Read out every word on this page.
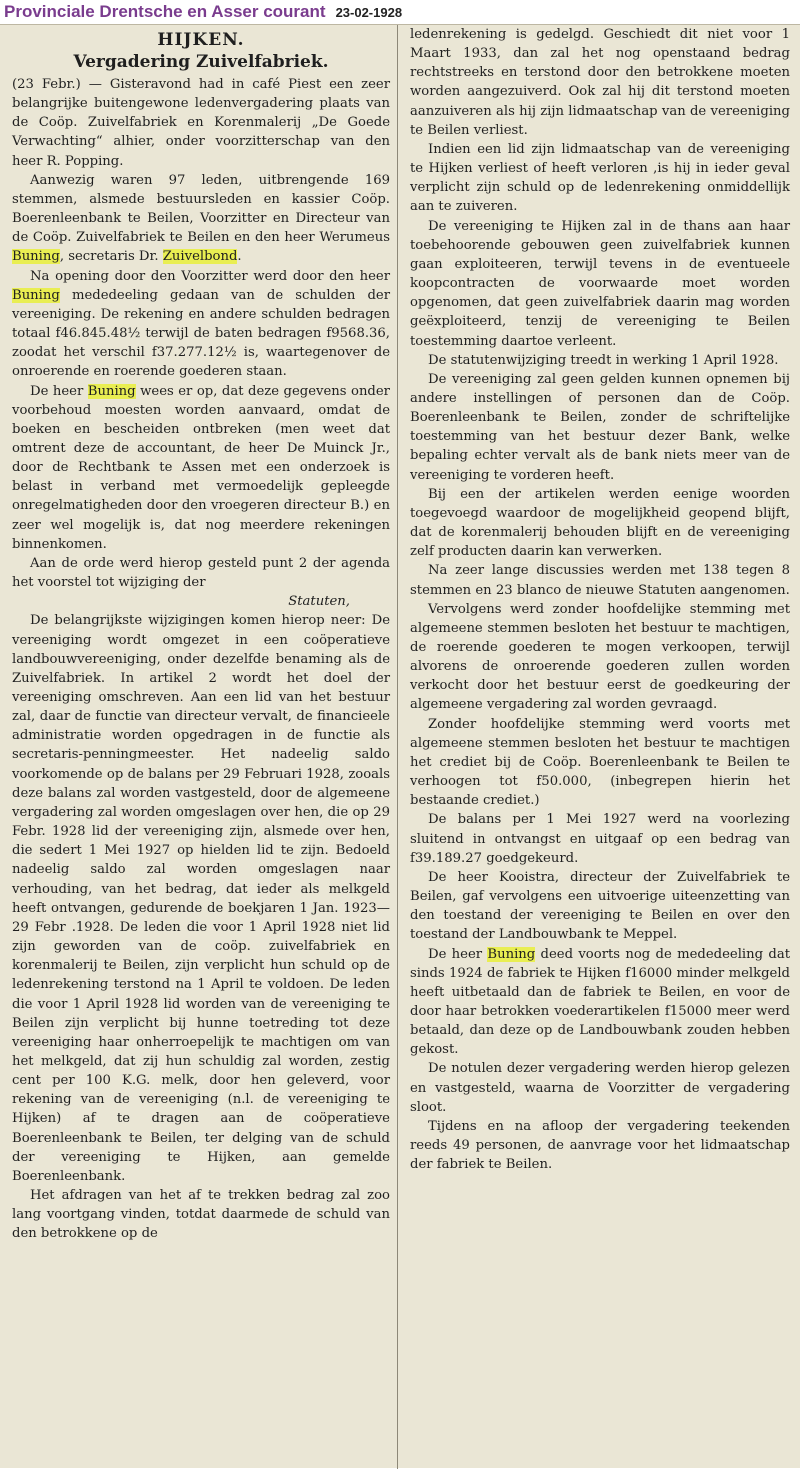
Provinciale Drentsche en Asser courant 23-02-1928
HIJKEN.
Vergadering Zuivelfabriek.

(23 Febr.) — Gisteravond had in café Piest een zeer belangrijke buitengewone ledenvergadering plaats van de Coöp. Zuivelfabriek en Korenmalerij „De Goede Verwachting“ alhier, onder voorzitterschap van den heer R. Popping.

Aanwezig waren 97 leden, uitbrengende 169 stemmen, alsmede bestuursleden en kassier Coöp. Boerenleenbank te Beilen, Voorzitter en Directeur van de Coöp. Zuivelfabriek te Beilen en den heer Werumeus Buning, secretaris Dr. Zuivelbond.

Na opening door den Voorzitter werd door den heer Buning mededeeling gedaan van de schulden der vereeniging. De rekening en andere schulden bedragen totaal f46.845.48½ terwijl de baten bedragen f9568.36, zoodat het verschil f37.277.12½ is, waartegenover de onroerende en roerende goederen staan.

De heer Buning wees er op, dat deze gegevens onder voorbehoud moesten worden aanvaard, omdat de boeken en bescheiden ontbreken (men weet dat omtrent deze de accountant, de heer De Muinck Jr., door de Rechtbank te Assen met een onderzoek is belast in verband met vermoedelijk gepleegde onregelmatigheden door den vroegeren directeur B.) en zeer wel mogelijk is, dat nog meerdere rekeningen binnenkomen.

Aan de orde werd hierop gesteld punt 2 der agenda het voorstel tot wijziging der

Statuten,

De belangrijkste wijzigingen komen hierop neer: De vereeniging wordt omgezet in een coöperatieve landbouwvereeniging, onder dezelfde benaming als de Zuivelfabriek. In artikel 2 wordt het doel der vereeniging omschreven. Aan een lid van het bestuur zal, daar de functie van directeur vervalt, de financieele administratie worden opgedragen in de functie als secretaris-penningmeester. Het nadeelig saldo voorkomende op de balans per 29 Februari 1928, zooals deze balans zal worden vastgesteld, door de algemeene vergadering zal worden omgeslagen over hen, die op 29 Febr. 1928 lid der vereeniging zijn, alsmede over hen, die sedert 1 Mei 1927 op hielden lid te zijn. Bedoeld nadeelig saldo zal worden omgeslagen naar verhouding, van het bedrag, dat ieder als melkgeld heeft ontvangen, gedurende de boekjaren 1 Jan. 1923—29 Febr .1928. De leden die voor 1 April 1928 niet lid zijn geworden van de coöp. zuivelfabriek en korenmalerij te Beilen, zijn verplicht hun schuld op de ledenrekening terstond na 1 April te voldoen. De leden die voor 1 April 1928 lid worden van de vereeniging te Beilen zijn verplicht bij hunne toetreding tot deze vereeniging haar onherroepelijk te machtigen om van het melkgeld, dat zij hun schuldig zal worden, zestig cent per 100 K.G. melk, door hen geleverd, voor rekening van de vereeniging (n.l. de vereeniging te Hijken) af te dragen aan de coöperatieve Boerenleenbank te Beilen, ter delging van de schuld der vereeniging te Hijken, aan gemelde Boerenleenbank.

Het afdragen van het af te trekken bedrag zal zoo lang voortgang vinden, totdat daarmede de schuld van den betrokkene op de

ledenrekening is gedelgd. Geschiedt dit niet voor 1 Maart 1933, dan zal het nog openstaand bedrag rechtstreeks en terstond door den betrokkene moeten worden aangezuiverd. Ook zal hij dit terstond moeten aanzuiveren als hij zijn lidmaatschap van de vereeniging te Beilen verliest.

Indien een lid zijn lidmaatschap van de vereeniging te Hijken verliest of heeft verloren ,is hij in ieder geval verplicht zijn schuld op de ledenrekening onmiddellijk aan te zuiveren.

De vereeniging te Hijken zal in de thans aan haar toebehoorende gebouwen geen zuivelfabriek kunnen gaan exploiteeren, terwijl tevens in de eventueele koopcontracten de voorwaarde moet worden opgenomen, dat geen zuivelfabriek daarin mag worden geëxploiteerd, tenzij de vereeniging te Beilen toestemming daartoe verleent.

De statutenwijziging treedt in werking 1 April 1928.

De vereeniging zal geen gelden kunnen opnemen bij andere instellingen of personen dan de Coöp. Boerenleenbank te Beilen, zonder de schriftelijke toestemming van het bestuur dezer Bank, welke bepaling echter vervalt als de bank niets meer van de vereeniging te vorderen heeft.

Bij een der artikelen werden eenige woorden toegevoegd waardoor de mogelijkheid geopend blijft, dat de korenmalerij behouden blijft en de vereeniging zelf producten daarin kan verwerken.

Na zeer lange discussies werden met 138 tegen 8 stemmen en 23 blanco de nieuwe Statuten aangenomen.

Vervolgens werd zonder hoofdelijke stemming met algemeene stemmen besloten het bestuur te machtigen, de roerende goederen te mogen verkoopen, terwijl alvorens de onroerende goederen zullen worden verkocht door het bestuur eerst de goedkeuring der algemeene vergadering zal worden gevraagd.

Zonder hoofdelijke stemming werd voorts met algemeene stemmen besloten het bestuur te machtigen het crediet bij de Coöp. Boerenleenbank te Beilen te verhoogen tot f50.000, (inbegrepen hierin het bestaande crediet.)

De balans per 1 Mei 1927 werd na voorlezing sluitend in ontvangst en uitgaaf op een bedrag van f39.189.27 goedgekeurd.

De heer Kooistra, directeur der Zuivelfabriek te Beilen, gaf vervolgens een uitvoerige uiteenzetting van den toestand der vereeniging te Beilen en over den toestand der Landbouwbank te Meppel.

De heer Buning deed voorts nog de mededeeling dat sinds 1924 de fabriek te Hijken f16000 minder melkgeld heeft uitbetaald dan de fabriek te Beilen, en voor de door haar betrokken voederartikelen f15000 meer werd betaald, dan deze op de Landbouwbank zouden hebben gekost.

De notulen dezer vergadering werden hierop gelezen en vastgesteld, waarna de Voorzitter de vergadering sloot.

Tijdens en na afloop der vergadering teekenden reeds 49 personen, de aanvrage voor het lidmaatschap der fabriek te Beilen.
